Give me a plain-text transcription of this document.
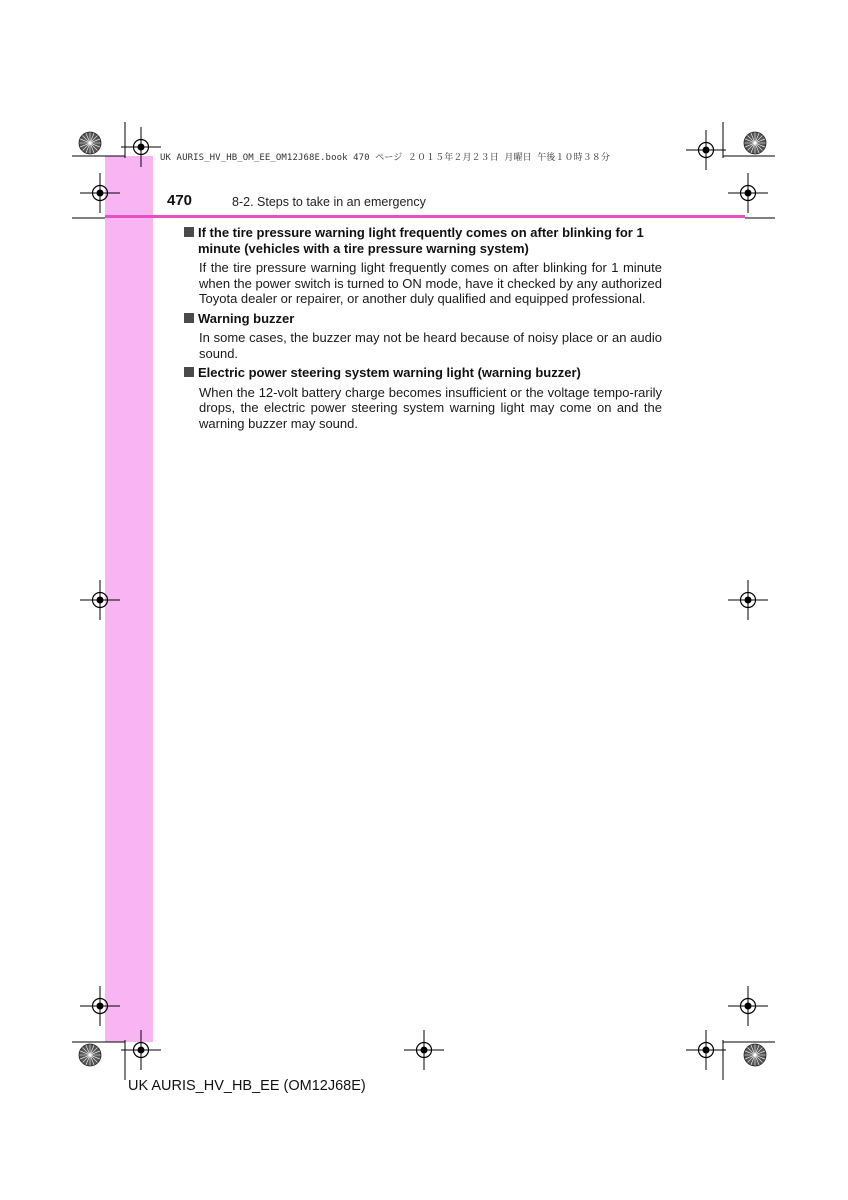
UK AURIS_HV_HB_OM_EE_OM12J68E.book 470 ページ ２０１５年２月２３日 月曜日 午後１０時３８分
470	8-2. Steps to take in an emergency
If the tire pressure warning light frequently comes on after blinking for 1 minute (vehicles with a tire pressure warning system)
If the tire pressure warning light frequently comes on after blinking for 1 minute when the power switch is turned to ON mode, have it checked by any authorized Toyota dealer or repairer, or another duly qualified and equipped professional.
Warning buzzer
In some cases, the buzzer may not be heard because of noisy place or an audio sound.
Electric power steering system warning light (warning buzzer)
When the 12-volt battery charge becomes insufficient or the voltage tempo-rarily drops, the electric power steering system warning light may come on and the warning buzzer may sound.
UK AURIS_HV_HB_EE (OM12J68E)
